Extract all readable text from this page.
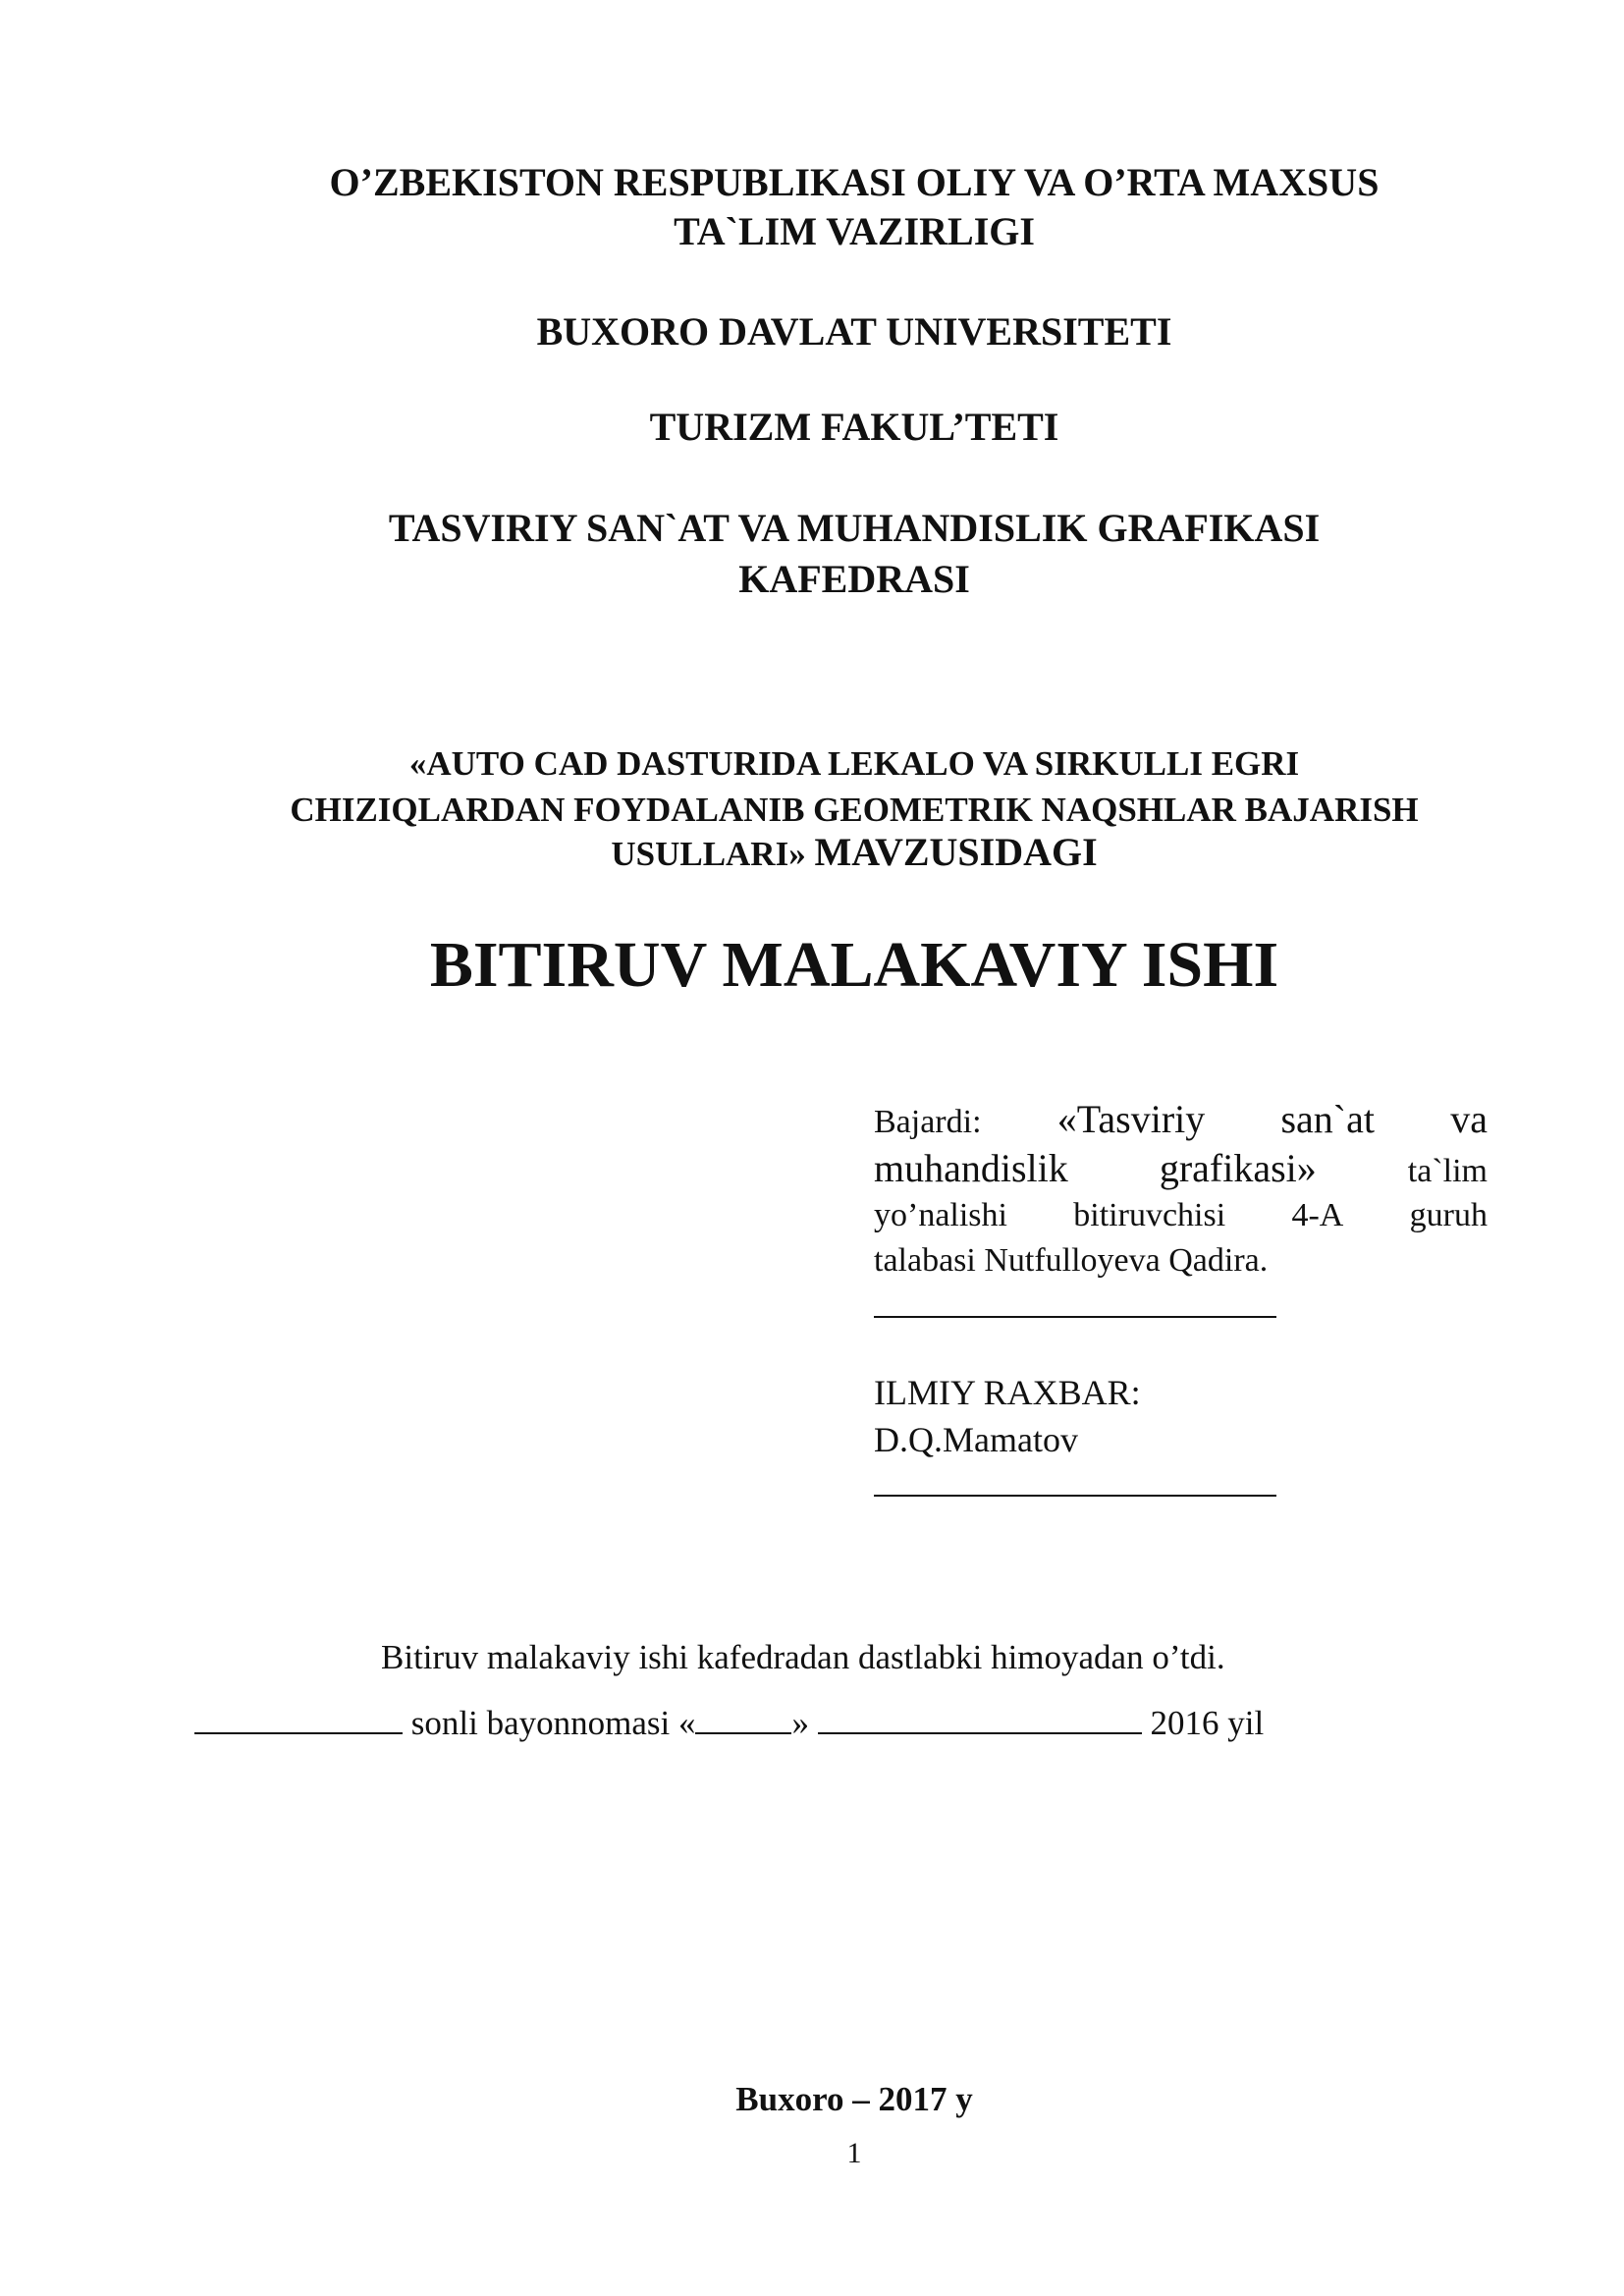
O’ZBEKISTON RESPUBLIKASI OLIY VA O’RTA MAXSUS
TA`LIM VAZIRLIGI
BUXORO DAVLAT UNIVERSITETI
TURIZM FAKUL’TETI
TASVIRIY SAN`AT VA MUHANDISLIK GRAFIKASI
KAFEDRASI
«AUTO CAD DASTURIDA LEKALO VA SIRKULLI EGRI
CHIZIQLARDAN FOYDALANIB GEOMETRIK NAQSHLAR BAJARISH
USULLARI» MAVZUSIDAGI
BITIRUV MALAKAVIY ISHI
Bajardi: «Tasviriy san`at va
muhandislik grafikasi»	ta`lim
yo’nalishi bitiruvchisi 4-A guruh
talabasi Nutfulloyeva Qadira.
ILMIY RAXBAR:
D.Q.Mamatov
Bitiruv malakaviy ishi kafedradan dastlabki himoyadan o’tdi.
sonli bayonnomasi «	»	2016 yil
Buxoro – 2017 y
1
